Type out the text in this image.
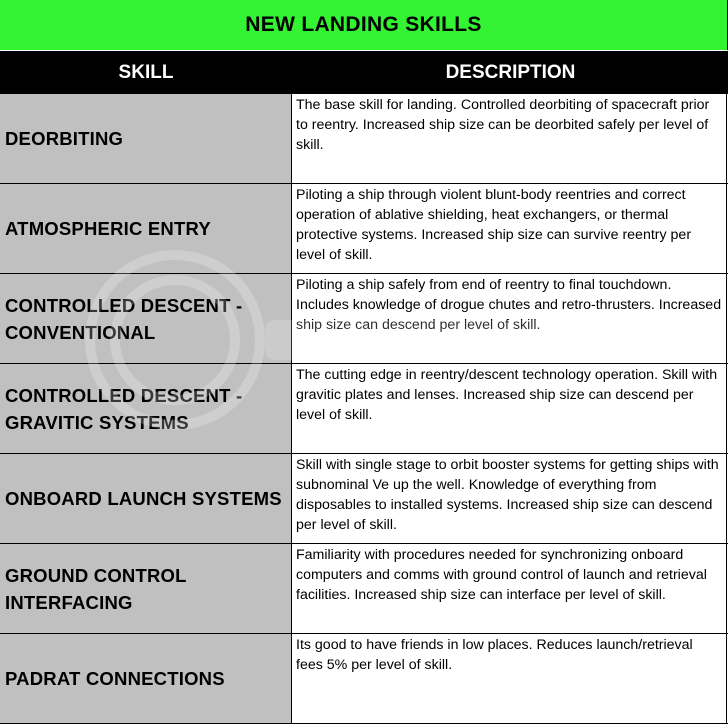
NEW LANDING SKILLS
SKILL	DESCRIPTION
DEORBITING
The base skill for landing. Controlled deorbiting of spacecraft prior to reentry. Increased ship size can be deorbited safely per level of skill.
ATMOSPHERIC ENTRY
Piloting a ship through violent blunt-body reentries and correct operation of ablative shielding, heat exchangers, or thermal protective systems. Increased ship size can survive reentry per level of skill.
CONTROLLED DESCENT - CONVENTIONAL
Piloting a ship safely from end of reentry to final touchdown. Includes knowledge of drogue chutes and retro-thrusters. Increased ship size can descend per level of skill.
CONTROLLED DESCENT - GRAVITIC SYSTEMS
The cutting edge in reentry/descent technology operation. Skill with gravitic plates and lenses. Increased ship size can descend per level of skill.
ONBOARD LAUNCH SYSTEMS
Skill with single stage to orbit booster systems for getting ships with subnominal Ve up the well. Knowledge of everything from disposables to installed systems. Increased ship size can descend per level of skill.
GROUND CONTROL INTERFACING
Familiarity with procedures needed for synchronizing onboard computers and comms with ground control of launch and retrieval facilities. Increased ship size can interface per level of skill.
PADRAT CONNECTIONS
Its good to have friends in low places. Reduces launch/retrieval fees 5% per level of skill.
